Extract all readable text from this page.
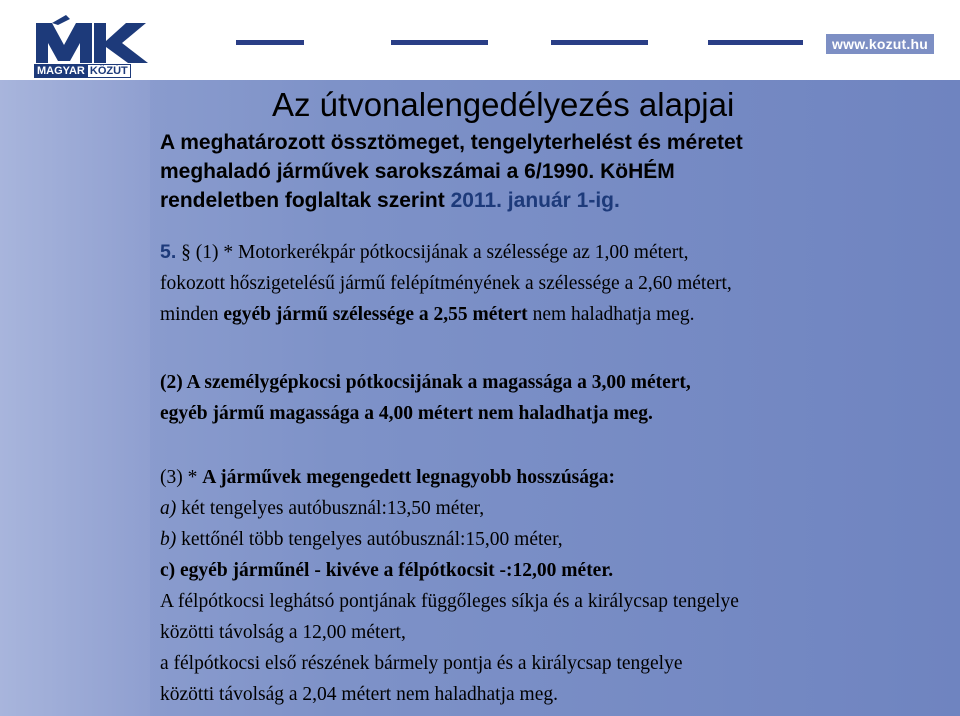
MAGYAR KÖZÚT
www.kozut.hu
Az útvonalengedélyezés alapjai
A meghatározott össztömeget, tengelyterhelést és méretet
meghaladó járművek sarokszámai a 6/1990. KöHÉM
rendeletben foglaltak szerint 2011. január 1-ig.
5. § (1) * Motorkerékpár pótkocsijának a szélessége az 1,00 métert,
fokozott hőszigetelésű jármű felépítményének a szélessége a 2,60 métert,
minden egyéb jármű szélessége a 2,55 métert nem haladhatja meg.
(2) A személygépkocsi pótkocsijának a magassága a 3,00 métert,
egyéb jármű magassága a 4,00 métert nem haladhatja meg.
(3) * A járművek megengedett legnagyobb hosszúsága:
a) két tengelyes autóbusznál:13,50 méter,
b) kettőnél több tengelyes autóbusznál:15,00 méter,
c) egyéb járműnél - kivéve a félpótkocsit -:12,00 méter.
A félpótkocsi leghátsó pontjának függőleges síkja és a királycsap tengelye
közötti távolság a 12,00 métert,
a félpótkocsi első részének bármely pontja és a királycsap tengelye
közötti távolság a 2,04 métert nem haladhatja meg.
